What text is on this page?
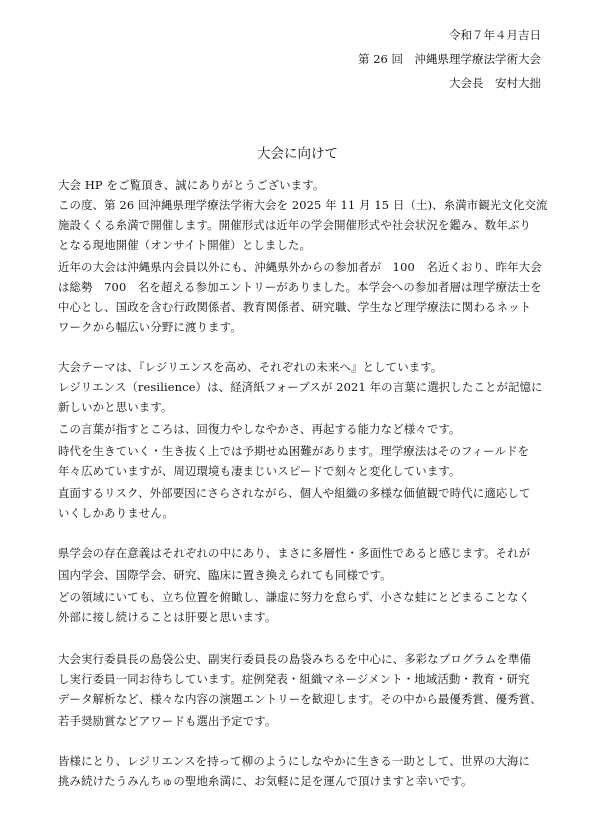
令和７年４月吉日
第 26 回　沖縄県理学療法学術大会
大会長　安村大拙
大会に向けて
大会 HP をご覧頂き、誠にありがとうございます。
この度、第 26 回沖縄県理学療法学術大会を 2025 年 11 月 15 日（土)、糸満市観光文化交流
施設くくる糸満で開催します。開催形式は近年の学会開催形式や社会状況を鑑み、数年ぶり
となる現地開催（オンサイト開催）としました。
近年の大会は沖縄県内会員以外にも、沖縄県外からの参加者が　100　名近くおり、昨年大会
は総勢　700　名を超える参加エントリーがありました。本学会への参加者層は理学療法士を
中心とし、国政を含む行政関係者、教育関係者、研究職、学生など理学療法に関わるネット
ワークから幅広い分野に渡ります。
大会テーマは、『レジリエンスを高め、それぞれの未来へ』としています。
レジリエンス（resilience）は、経済紙フォーブスが 2021 年の言葉に選択したことが記憶に
新しいかと思います。
この言葉が指すところは、回復力やしなやかさ、再起する能力など様々です。
時代を生きていく・生き抜く上では予期せぬ困難があります。理学療法はそのフィールドを
年々広めていますが、周辺環境も凄まじいスピードで刻々と変化しています。
直面するリスク、外部要因にさらされながら、個人や組織の多様な価値観で時代に適応して
いくしかありません。
県学会の存在意義はそれぞれの中にあり、まさに多層性・多面性であると感じます。それが
国内学会、国際学会、研究、臨床に置き換えられても同様です。
どの領域にいても、立ち位置を俯瞰し、謙虚に努力を怠らず、小さな蛙にとどまることなく
外部に接し続けることは肝要と思います。
大会実行委員長の島袋公史、副実行委員長の島袋みちるを中心に、多彩なプログラムを準備
し実行委員一同お待ちしています。症例発表・組織マネージメント・地域活動・教育・研究
データ解析など、様々な内容の演題エントリーを歓迎します。その中から最優秀賞、優秀賞、
若手奨励賞などアワードも選出予定です。
皆様にとり、レジリエンスを持って柳のようにしなやかに生きる一助として、世界の大海に
挑み続けたうみんちゅの聖地糸満に、お気軽に足を運んで頂けますと幸いです。
